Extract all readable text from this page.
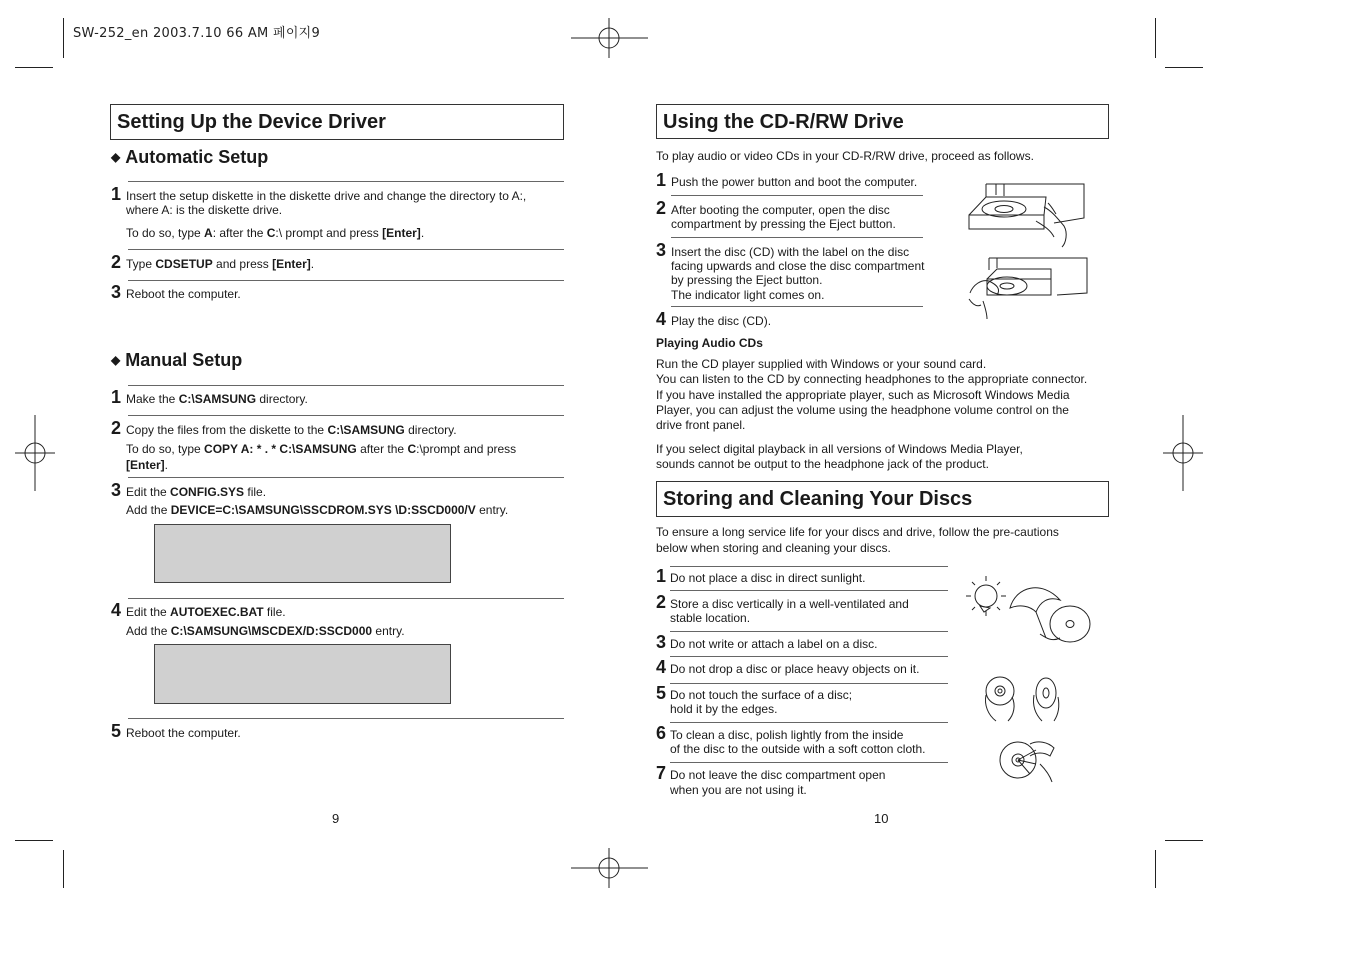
SW-252_en 2003.7.10 66 AM 페이지9
Setting Up the Device Driver
◆ Automatic Setup
1 Insert the setup diskette in the diskette drive and change the directory to A:,
where A: is the diskette drive.
To do so, type A: after the C:\ prompt and press [Enter].
2 Type CDSETUP and press [Enter].
3 Reboot the computer.
◆ Manual Setup
1 Make the C:\SAMSUNG directory.
2 Copy the files from the diskette to the C:\SAMSUNG directory.
To do so, type COPY A: * . * C:\SAMSUNG after the C:\prompt and press
[Enter].
3 Edit the CONFIG.SYS file.
Add the DEVICE=C:\SAMSUNG\SSCDROM.SYS \D:SSCD000/V entry.
4 Edit the AUTOEXEC.BAT file.
Add the C:\SAMSUNG\MSCDEX/D:SSCD000 entry.
5 Reboot the computer.
9
Using the CD-R/RW Drive
To play audio or video CDs in your CD-R/RW drive, proceed as follows.
1 Push the power button and boot the computer.
2 After booting the computer, open the disc
compartment by pressing the Eject button.
3 Insert the disc (CD) with the label on the disc
facing upwards and close the disc compartment
by pressing the Eject button.
The indicator light comes on.
4 Play the disc (CD).
Playing Audio CDs
Run the CD player supplied with Windows or your sound card.
You can listen to the CD by connecting headphones to the appropriate connector.
If you have installed the appropriate player, such as Microsoft Windows Media
Player, you can adjust the volume using the headphone volume control on the
drive front panel.
If you select digital playback in all versions of Windows Media Player,
sounds cannot be output to the headphone jack of the product.
Storing and Cleaning Your Discs
To ensure a long service life for your discs and drive, follow the pre-cautions
below when storing and cleaning your discs.
1 Do not place a disc in direct sunlight.
2 Store a disc vertically in a well-ventilated and
stable location.
3 Do not write or attach a label on a disc.
4 Do not drop a disc or place heavy objects on it.
5 Do not touch the surface of a disc;
hold it by the edges.
6 To clean a disc, polish lightly from the inside
of the disc to the outside with a soft cotton cloth.
7 Do not leave the disc compartment open
when you are not using it.
10
